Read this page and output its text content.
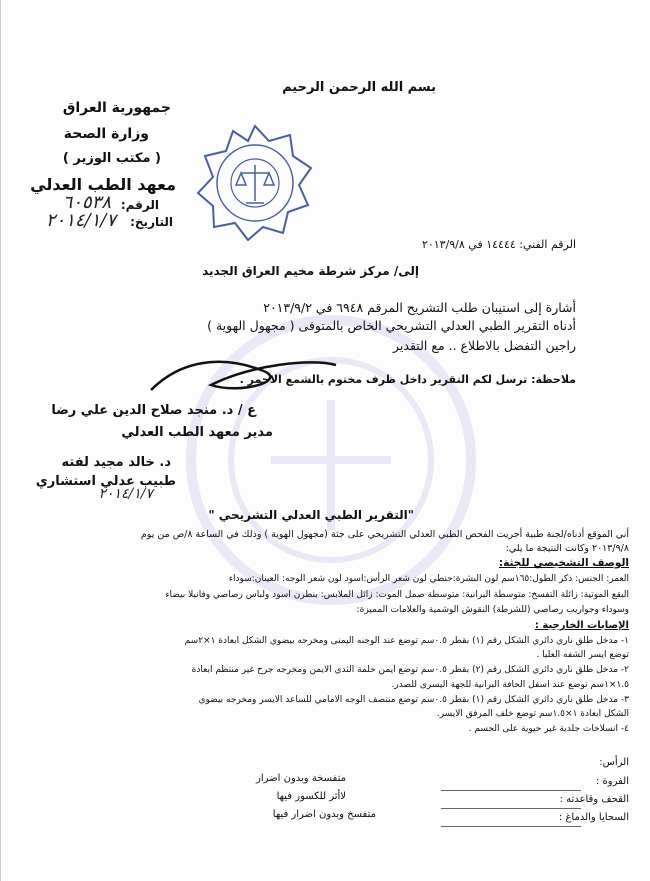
بسم الله الرحمن الرحيم
جمهورية العراق
وزارة الصحة
( مكتب الوزير )
معهد الطب العدلي
الرقم:
٦٠٥٣٨
التاريخ:
٢٠١٤/١/٧
الرقم الفني: ١٤٤٤٤ في ٢٠١٣/٩/٨
إلى/ مركز شرطة مخيم العراق الجديد
أشارة إلى استيبان طلب التشريح المرقم ٦٩٤٨ في ٢٠١٣/٩/٢
أدناه التقرير الطبي العدلي التشريحي الخاص بالمتوفى ( مجهول الهوية )
راجين التفضل بالاطلاع .. مع التقدير
ملاحظة: ترسل لكم التقرير داخل ظرف مختوم بالشمع الاحمر .
ع / د. منجد صلاح الدين علي رضا
مدير معهد الطب العدلي
د. خالد مجيد لفته
طبيب عدلي استشاري
٢٠١٤/١/٧
"التقرير الطبي العدلي التشريحي "
أني الموقع أدناه/لجنة طبية أجريت الفحص الطبي العدلي التشريحي على جثة (مجهول الهوية ) وذلك في الساعة ٨/ص من يوم
٢٠١٣/٩/٨ وكانت النتيجة ما يلي:
الوصف التشخيصي للجثة:
العمر: الجنس: ذكر الطول:١٦٥سم لون البشرة:حنطي لون شعر الرأس:اسود لون شعر الوجه: العينان:سوداء
البقع الموتية: زائلة التفسخ: متوسطة البرانية: متوسطة صمل الموت: زائل الملابس: بنطرن اسود ولباس رصاصي وفانيلا بيضاء
وسوداء وجواريب رصاصي (للشرطة) النقوش الوشمية والعلامات المميزة:
الإصابات الخارجية :
١- مدخل طلق ناري دائري الشكل رقم (١) بقطر ٠.٥سم توضع عند الوجنه اليمنى ومخرجه بيضوي الشكل ابعادة ١×٢سم
توضع ايسر الشفه العليا .
٢- مدخل طلق ناري دائري الشكل رقم (٢) بقطر ٠.٥سم توضع ايمن حلمة الثدي الايمن ومخرجه جرح غير منتظم ابعادة
١.٥×١سم توضع عند اسفل الحافة البرانية للجهة اليسرى للصدر.
٣- مدخل طلق ناري دائري الشكل رقم (١) بقطر ٠.٥سم توضع منتصف الوجه الامامي للساعد الايسر ومخرجه بيضوي
الشكل ابعادة ١×١.٥سم توضع خلف المرفق الايسر.
٤- انسلاخات جلدية غير حيوية على الجسم .
الرأس:
الفروة :
متفسخة وبدون اضرار
القحف وقاعدته :
لاأثر للكسور فيها
السحايا والدماغ :
متفسخ وبدون اضرار فيها
